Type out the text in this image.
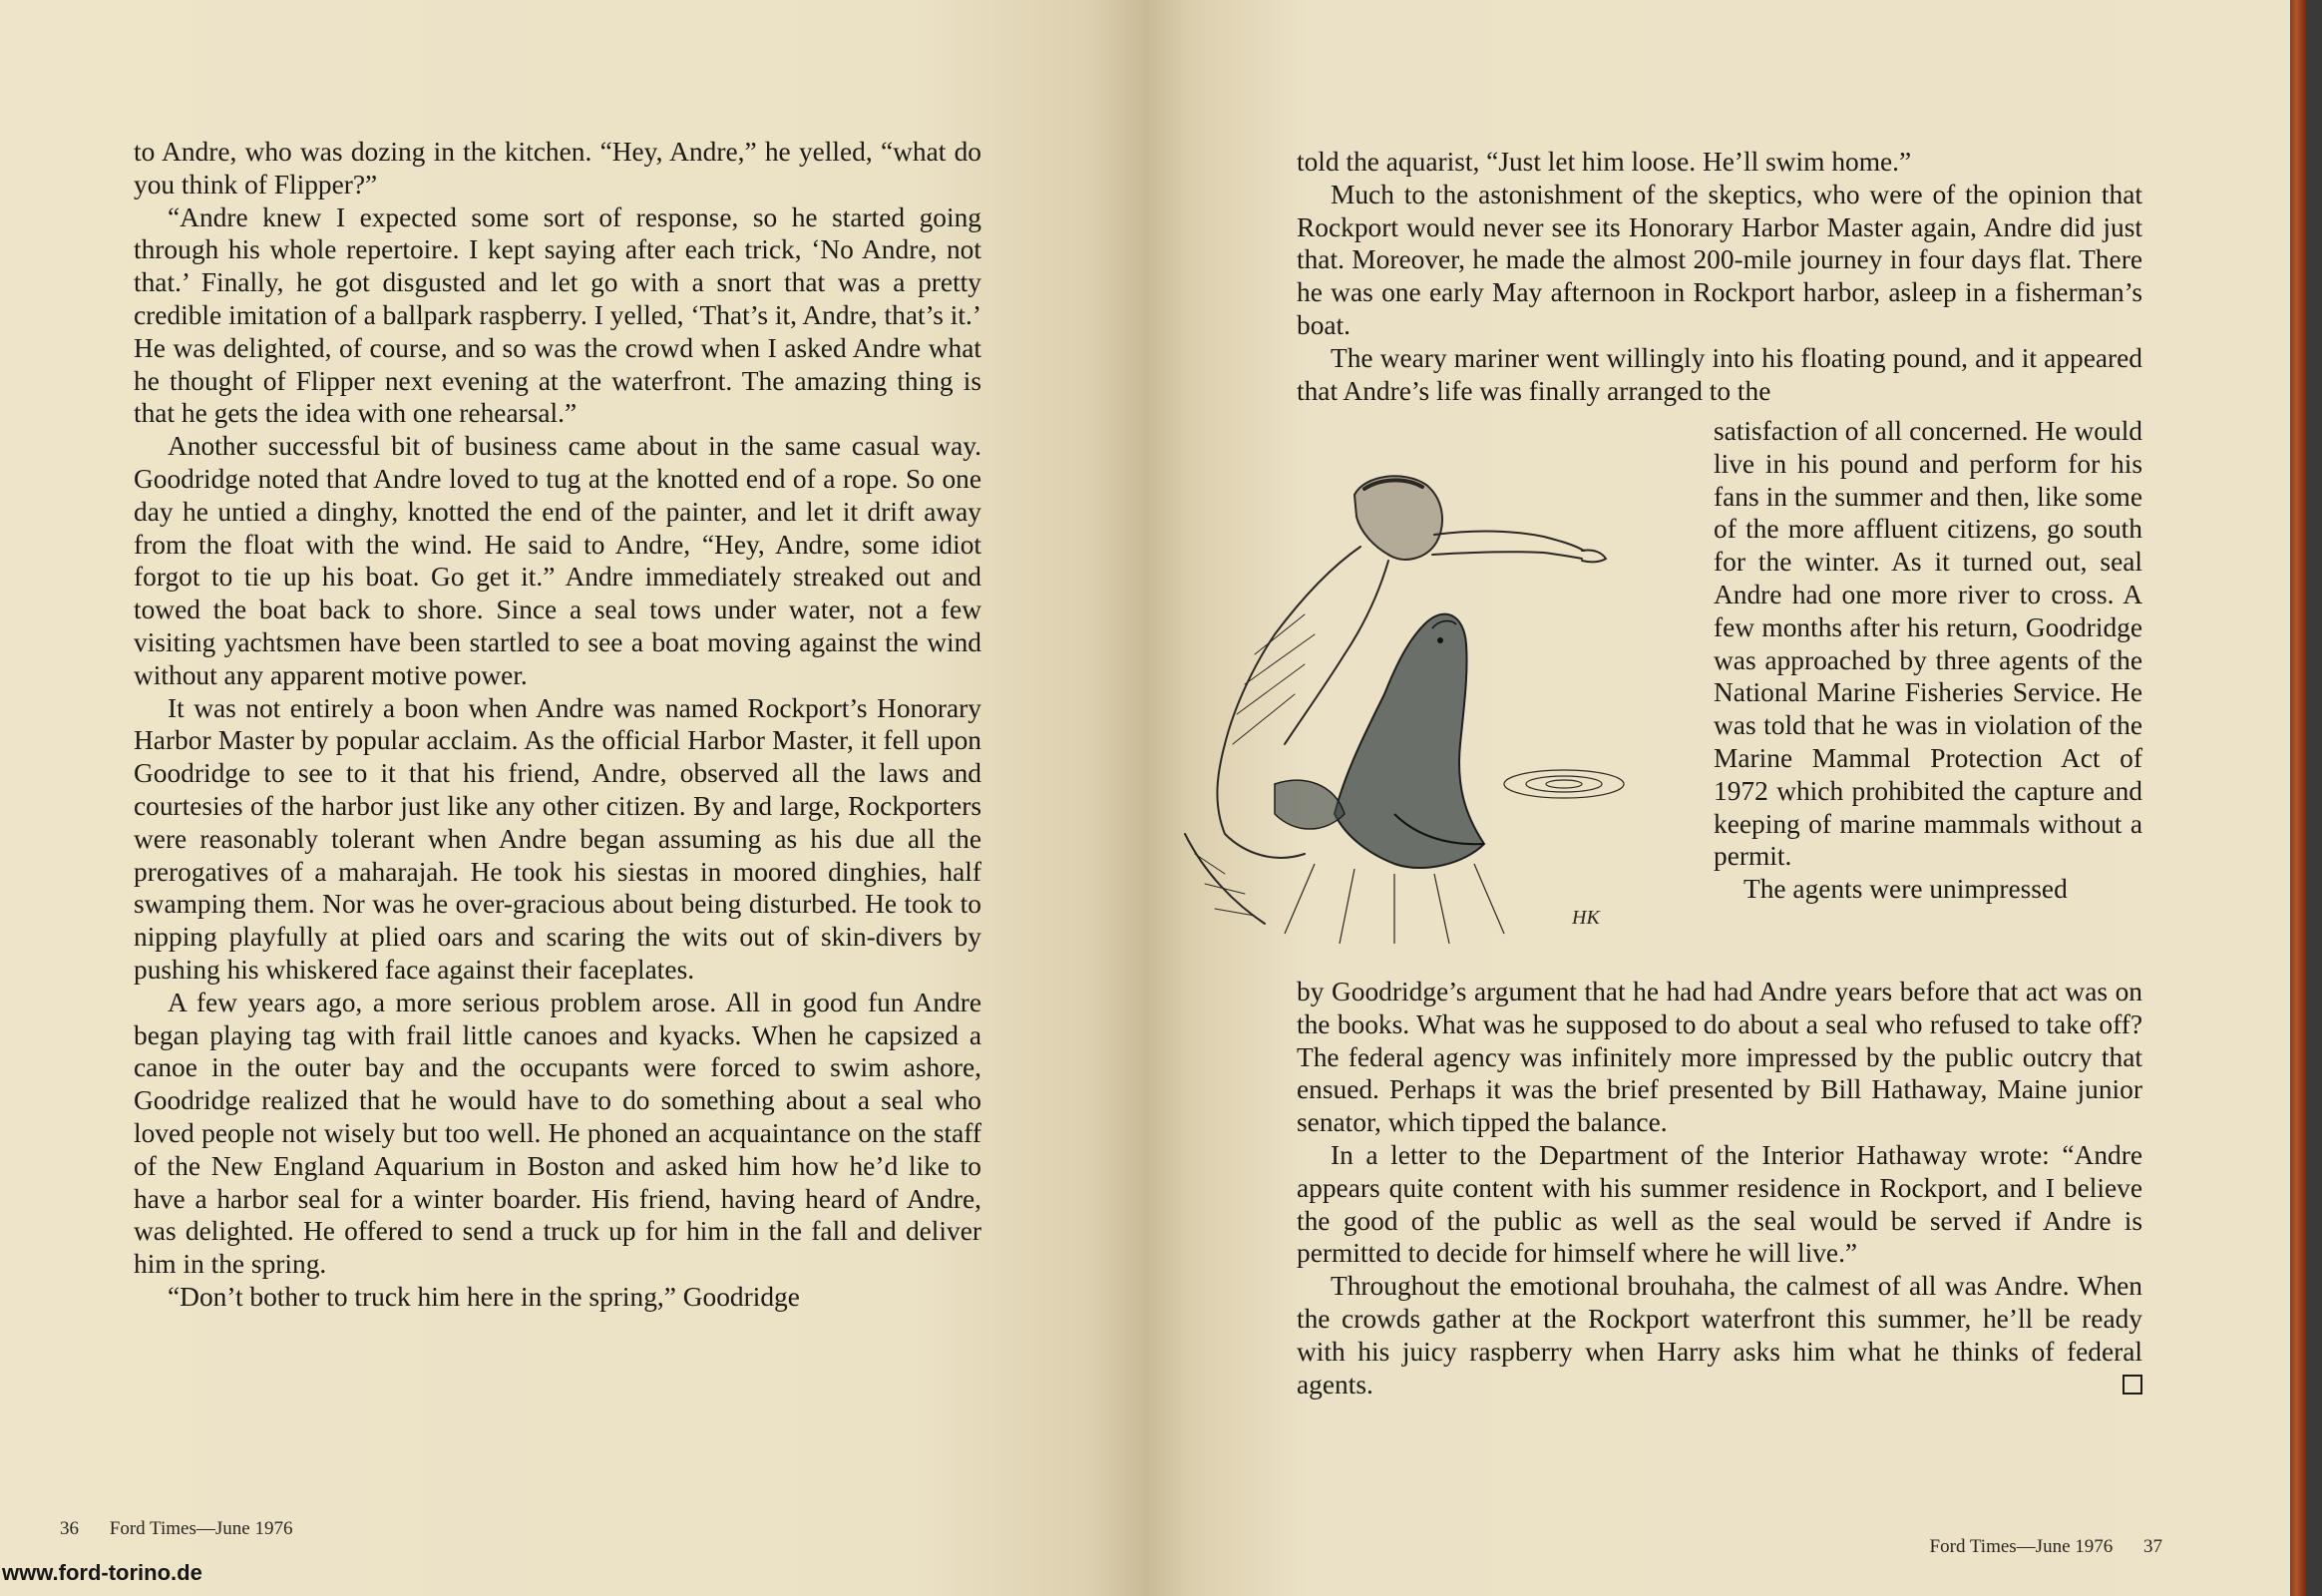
to Andre, who was dozing in the kitchen. “Hey, Andre,” he yelled, “what do you think of Flipper?”

“Andre knew I expected some sort of response, so he started going through his whole repertoire. I kept saying after each trick, ‘No Andre, not that.’ Finally, he got disgusted and let go with a snort that was a pretty credible imitation of a ballpark raspberry. I yelled, ‘That’s it, Andre, that’s it.’ He was delighted, of course, and so was the crowd when I asked Andre what he thought of Flipper next evening at the waterfront. The amazing thing is that he gets the idea with one rehearsal.”

Another successful bit of business came about in the same casual way. Goodridge noted that Andre loved to tug at the knotted end of a rope. So one day he untied a dinghy, knotted the end of the painter, and let it drift away from the float with the wind. He said to Andre, “Hey, Andre, some idiot forgot to tie up his boat. Go get it.” Andre immediately streaked out and towed the boat back to shore. Since a seal tows under water, not a few visiting yachtsmen have been startled to see a boat moving against the wind without any apparent motive power.

It was not entirely a boon when Andre was named Rockport’s Honorary Harbor Master by popular acclaim. As the official Harbor Master, it fell upon Goodridge to see to it that his friend, Andre, observed all the laws and courtesies of the harbor just like any other citizen. By and large, Rockporters were reasonably tolerant when Andre began assuming as his due all the prerogatives of a maharajah. He took his siestas in moored dinghies, half swamping them. Nor was he over-gracious about being disturbed. He took to nipping playfully at plied oars and scaring the wits out of skin-divers by pushing his whiskered face against their faceplates.

A few years ago, a more serious problem arose. All in good fun Andre began playing tag with frail little canoes and kyacks. When he capsized a canoe in the outer bay and the occupants were forced to swim ashore, Goodridge realized that he would have to do something about a seal who loved people not wisely but too well. He phoned an acquaintance on the staff of the New England Aquarium in Boston and asked him how he’d like to have a harbor seal for a winter boarder. His friend, having heard of Andre, was delighted. He offered to send a truck up for him in the fall and deliver him in the spring.

“Don’t bother to truck him here in the spring,” Goodridge

36 Ford Times—June 1976
www.ford-torino.de

told the aquarist, “Just let him loose. He’ll swim home.”

Much to the astonishment of the skeptics, who were of the opinion that Rockport would never see its Honorary Harbor Master again, Andre did just that. Moreover, he made the almost 200-mile journey in four days flat. There he was one early May afternoon in Rockport harbor, asleep in a fisherman’s boat.

The weary mariner went willingly into his floating pound, and it appeared that Andre’s life was finally arranged to the

satisfaction of all concerned. He would live in his pound and perform for his fans in the summer and then, like some of the more affluent citizens, go south for the winter. As it turned out, seal Andre had one more river to cross. A few months after his return, Goodridge was approached by three agents of the National Marine Fisheries Service. He was told that he was in violation of the Marine Mammal Protection Act of 1972 which prohibited the capture and keeping of marine mammals without a permit.

The agents were unimpressed

HK

by Goodridge’s argument that he had had Andre years before that act was on the books. What was he supposed to do about a seal who refused to take off? The federal agency was infinitely more impressed by the public outcry that ensued. Perhaps it was the brief presented by Bill Hathaway, Maine junior senator, which tipped the balance.

In a letter to the Department of the Interior Hathaway wrote: “Andre appears quite content with his summer residence in Rockport, and I believe the good of the public as well as the seal would be served if Andre is permitted to decide for himself where he will live.”

Throughout the emotional brouhaha, the calmest of all was Andre. When the crowds gather at the Rockport waterfront this summer, he’ll be ready with his juicy raspberry when Harry asks him what he thinks of federal agents.

Ford Times—June 1976 37
